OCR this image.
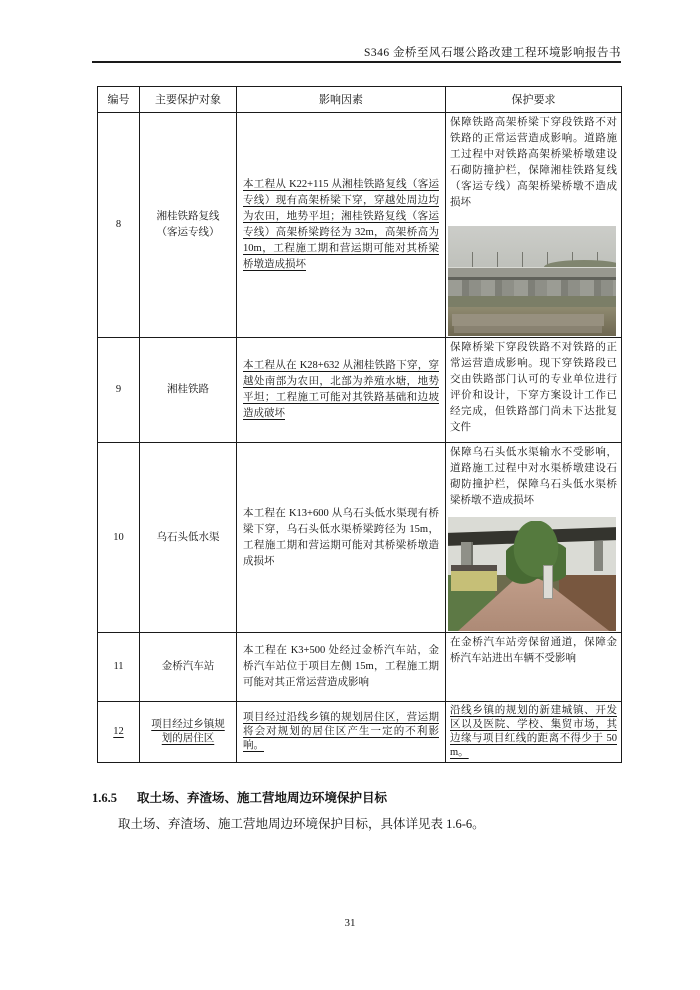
S346 金桥至风石堰公路改建工程环境影响报告书
编号	主要保护对象	影响因素	保护要求
8	湘桂铁路复线（客运专线）	本工程从 K22+115 从湘桂铁路复线（客运专线）现有高架桥梁下穿，穿越处周边均为农田，地势平坦；湘桂铁路复线（客运专线）高架桥梁跨径为 32m，高架桥高为 10m，工程施工期和营运期可能对其桥梁桥墩造成损坏	保障铁路高架桥梁下穿段铁路不对铁路的正常运营造成影响。道路施工过程中对铁路高架桥梁桥墩建设石砌防撞护栏，保障湘桂铁路复线（客运专线）高架桥梁桥墩不造成损坏

9	湘桂铁路	本工程从在 K28+632 从湘桂铁路下穿，穿越处南部为农田，北部为养殖水塘，地势平坦；工程施工可能对其铁路基础和边坡造成破坏	保障桥梁下穿段铁路不对铁路的正常运营造成影响。现下穿铁路段已交由铁路部门认可的专业单位进行评价和设计，下穿方案设计工作已经完成，但铁路部门尚未下达批复文件
10	乌石头低水渠	本工程在 K13+600 从乌石头低水渠现有桥梁下穿，乌石头低水渠桥梁跨径为 15m，工程施工期和营运期可能对其桥梁桥墩造成损坏	保障乌石头低水渠输水不受影响，道路施工过程中对水渠桥墩建设石砌防撞护栏，保障乌石头低水渠桥梁桥墩不造成损坏

11	金桥汽车站	本工程在 K3+500 处经过金桥汽车站，金桥汽车站位于项目左侧 15m，工程施工期可能对其正常运营造成影响	在金桥汽车站旁保留通道，保障金桥汽车站进出车辆不受影响
12	项目经过乡镇规划的居住区	项目经过沿线乡镇的规划居住区，营运期将会对规划的居住区产生一定的不利影响。	沿线乡镇的规划的新建城镇、开发区以及医院、学校、集贸市场，其边缘与项目红线的距离不得少于 50m。
1.6.5 取土场、弃渣场、施工营地周边环境保护目标
取土场、弃渣场、施工营地周边环境保护目标，具体详见表 1.6-6。
31
